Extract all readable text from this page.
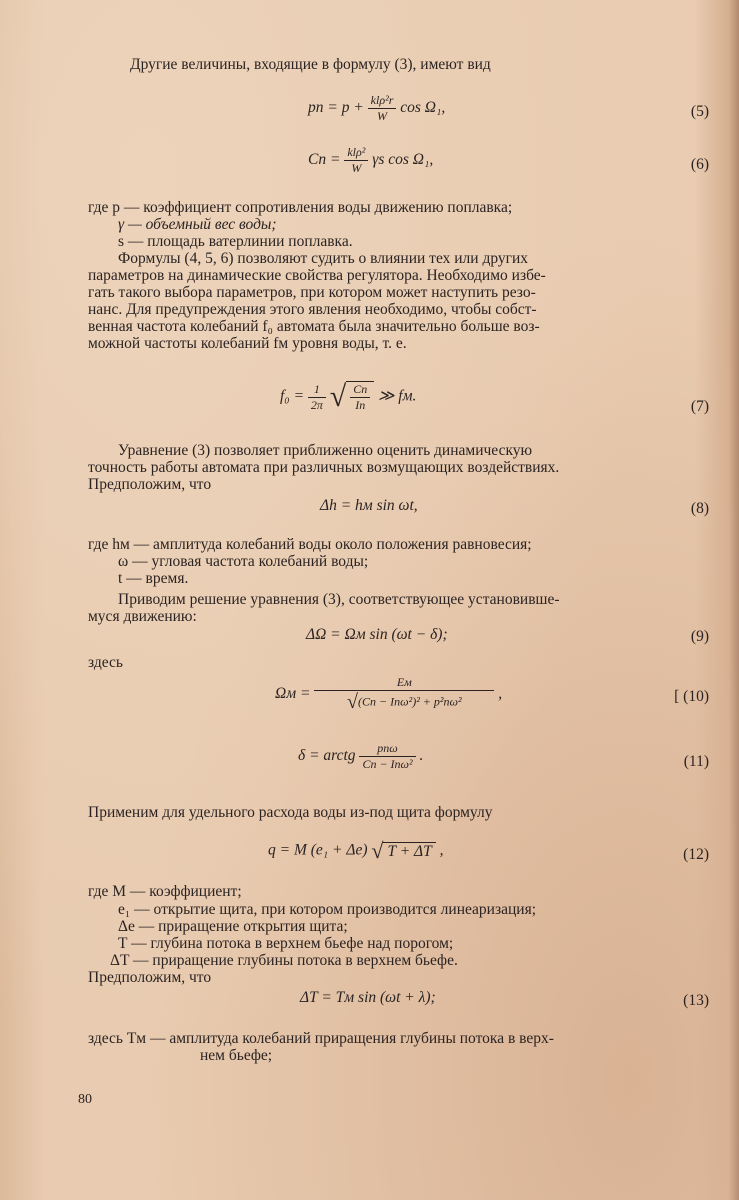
Другие величины, входящие в формулу (3), имеют вид
pп = $p + \frac{\text{klρ²r}}{W}$ cos Ω₁,	(5)
Cп = $\frac{\text{klρ²}}{W}$ γs cos Ω₁,	(6)
где p — коэффициент сопротивления воды движению поплавка;
γ — объемный вес воды;
s — площадь ватерлинии поплавка.
Формулы (4, 5, 6) позволяют судить о влиянии тех или других
параметров на динамические свойства регулятора. Необходимо избе-
гать такого выбора параметров, при котором может наступить резо-
нанс. Для предупреждения этого явления необходимо, чтобы собст-
венная частота колебаний f₀ автомата была значительно больше воз-
можной частоты колебаний fм уровня воды, т. е.
$f_0 = \frac{1}{2\pi}$ √ $\frac{Cп}{Iп}$ ≫ fм.
(7)
Уравнение (3) позволяет приближенно оценить динамическую
точность работы автомата при различных возмущающих воздействиях.
Предположим, что
Δh = hм sin ωt,	(8)
где hм — амплитуда колебаний воды около положения равновесия;
ω — угловая частота колебаний воды;
t — время.
Приводим решение уравнения (3), соответствующее установивше-
муся движению:
ΔΩ = Ωм sin (ωt − δ);	(9)
здесь
$\Omega м = \frac{Eм}{\text{√(Cп − Iпω²)² + p²пω²}}$ ,	[ (10)
δ = arctg $\frac{\text{pпω}}{\text{Cп − Iпω²}}$ .	(11)
Применим для удельного расхода воды из-под щита формулу
q = M (e₁ + Δe) √ T + ΔT ,	(12)
где M — коэффициент;
e₁ — открытие щита, при котором производится линеаризация;
Δe — приращение открытия щита;
T — глубина потока в верхнем бьефе над порогом;
ΔT — приращение глубины потока в верхнем бьефе.
Предположим, что
ΔT = Tм sin (ωt + λ);	(13)
здесь Tм — амплитуда колебаний приращения глубины потока в верх-
нем бьефе;
80
